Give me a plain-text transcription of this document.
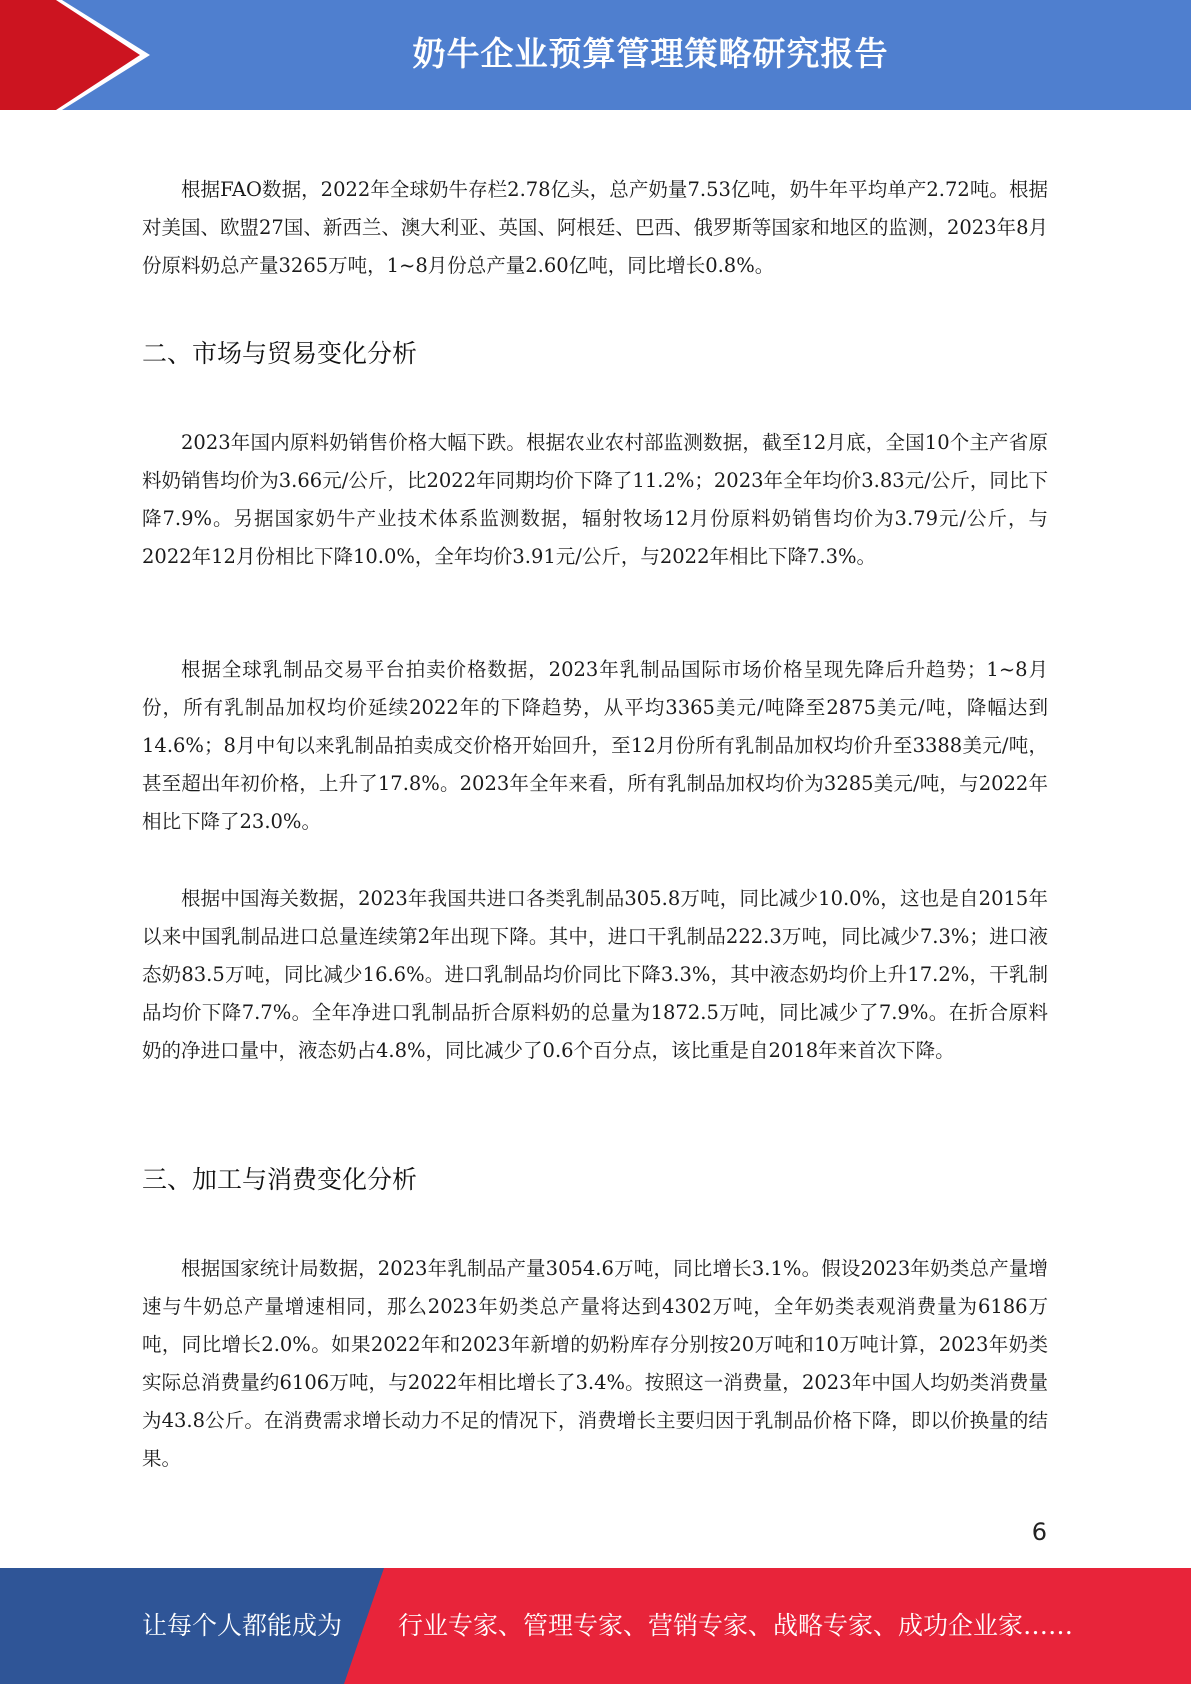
奶牛企业预算管理策略研究报告

根据FAO数据，2022年全球奶牛存栏2.78亿头，总产奶量7.53亿吨，奶牛年平均单产2.72吨。根据对美国、欧盟27国、新西兰、澳大利亚、英国、阿根廷、巴西、俄罗斯等国家和地区的监测，2023年8月份原料奶总产量3265万吨，1~8月份总产量2.60亿吨，同比增长0.8%。

二、市场与贸易变化分析

2023年国内原料奶销售价格大幅下跌。根据农业农村部监测数据，截至12月底，全国10个主产省原料奶销售均价为3.66元/公斤，比2022年同期均价下降了11.2%；2023年全年均价3.83元/公斤，同比下降7.9%。另据国家奶牛产业技术体系监测数据，辐射牧场12月份原料奶销售均价为3.79元/公斤，与2022年12月份相比下降10.0%，全年均价3.91元/公斤，与2022年相比下降7.3%。

根据全球乳制品交易平台拍卖价格数据，2023年乳制品国际市场价格呈现先降后升趋势；1~8月份，所有乳制品加权均价延续2022年的下降趋势，从平均3365美元/吨降至2875美元/吨，降幅达到14.6%；8月中旬以来乳制品拍卖成交价格开始回升，至12月份所有乳制品加权均价升至3388美元/吨，甚至超出年初价格，上升了17.8%。2023年全年来看，所有乳制品加权均价为3285美元/吨，与2022年相比下降了23.0%。

根据中国海关数据，2023年我国共进口各类乳制品305.8万吨，同比减少10.0%，这也是自2015年以来中国乳制品进口总量连续第2年出现下降。其中，进口干乳制品222.3万吨，同比减少7.3%；进口液态奶83.5万吨，同比减少16.6%。进口乳制品均价同比下降3.3%，其中液态奶均价上升17.2%，干乳制品均价下降7.7%。全年净进口乳制品折合原料奶的总量为1872.5万吨，同比减少了7.9%。在折合原料奶的净进口量中，液态奶占4.8%，同比减少了0.6个百分点，该比重是自2018年来首次下降。

三、加工与消费变化分析

根据国家统计局数据，2023年乳制品产量3054.6万吨，同比增长3.1%。假设2023年奶类总产量增速与牛奶总产量增速相同，那么2023年奶类总产量将达到4302万吨，全年奶类表观消费量为6186万吨，同比增长2.0%。如果2022年和2023年新增的奶粉库存分别按20万吨和10万吨计算，2023年奶类实际总消费量约6106万吨，与2022年相比增长了3.4%。按照这一消费量，2023年中国人均奶类消费量为43.8公斤。在消费需求增长动力不足的情况下，消费增长主要归因于乳制品价格下降，即以价换量的结果。

6
让每个人都能成为 行业专家、管理专家、营销专家、战略专家、成功企业家……
